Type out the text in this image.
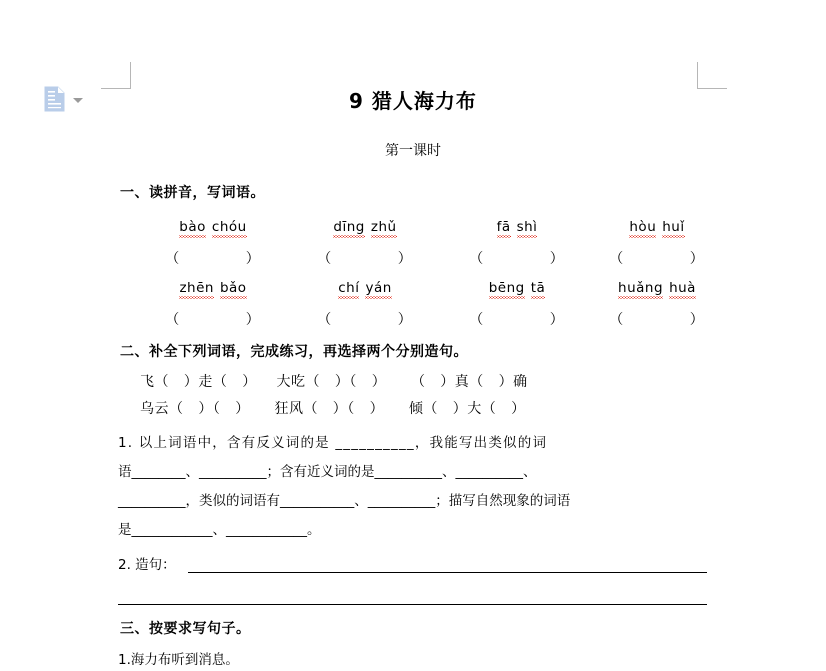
9 猎人海力布
第一课时
一、读拼音，写词语。
bào chóu
（            ）
dīng zhǔ
（            ）
fā shì
（            ）
hòu huǐ
（            ）
zhēn bǎo
（            ）
chí yán
（            ）
bēng tā
（            ）
huǎng huà
（            ）
二、补全下列词语，完成练习，再选择两个分别造句。
飞（   ）走（   ）    大吃（   ）（   ）     （   ）真（   ）确
乌云（   ）（   ）     狂风（   ）（   ）     倾（   ）大（   ）
1. 以上词语中，含有反义词的是 __________，我能写出类似的词
语________、__________；含有近义词的是__________、__________、
__________，类似的词语有___________、__________；描写自然现象的词语
是____________、____________。
2. 造句：
三、按要求写句子。
1.海力布听到消息。
